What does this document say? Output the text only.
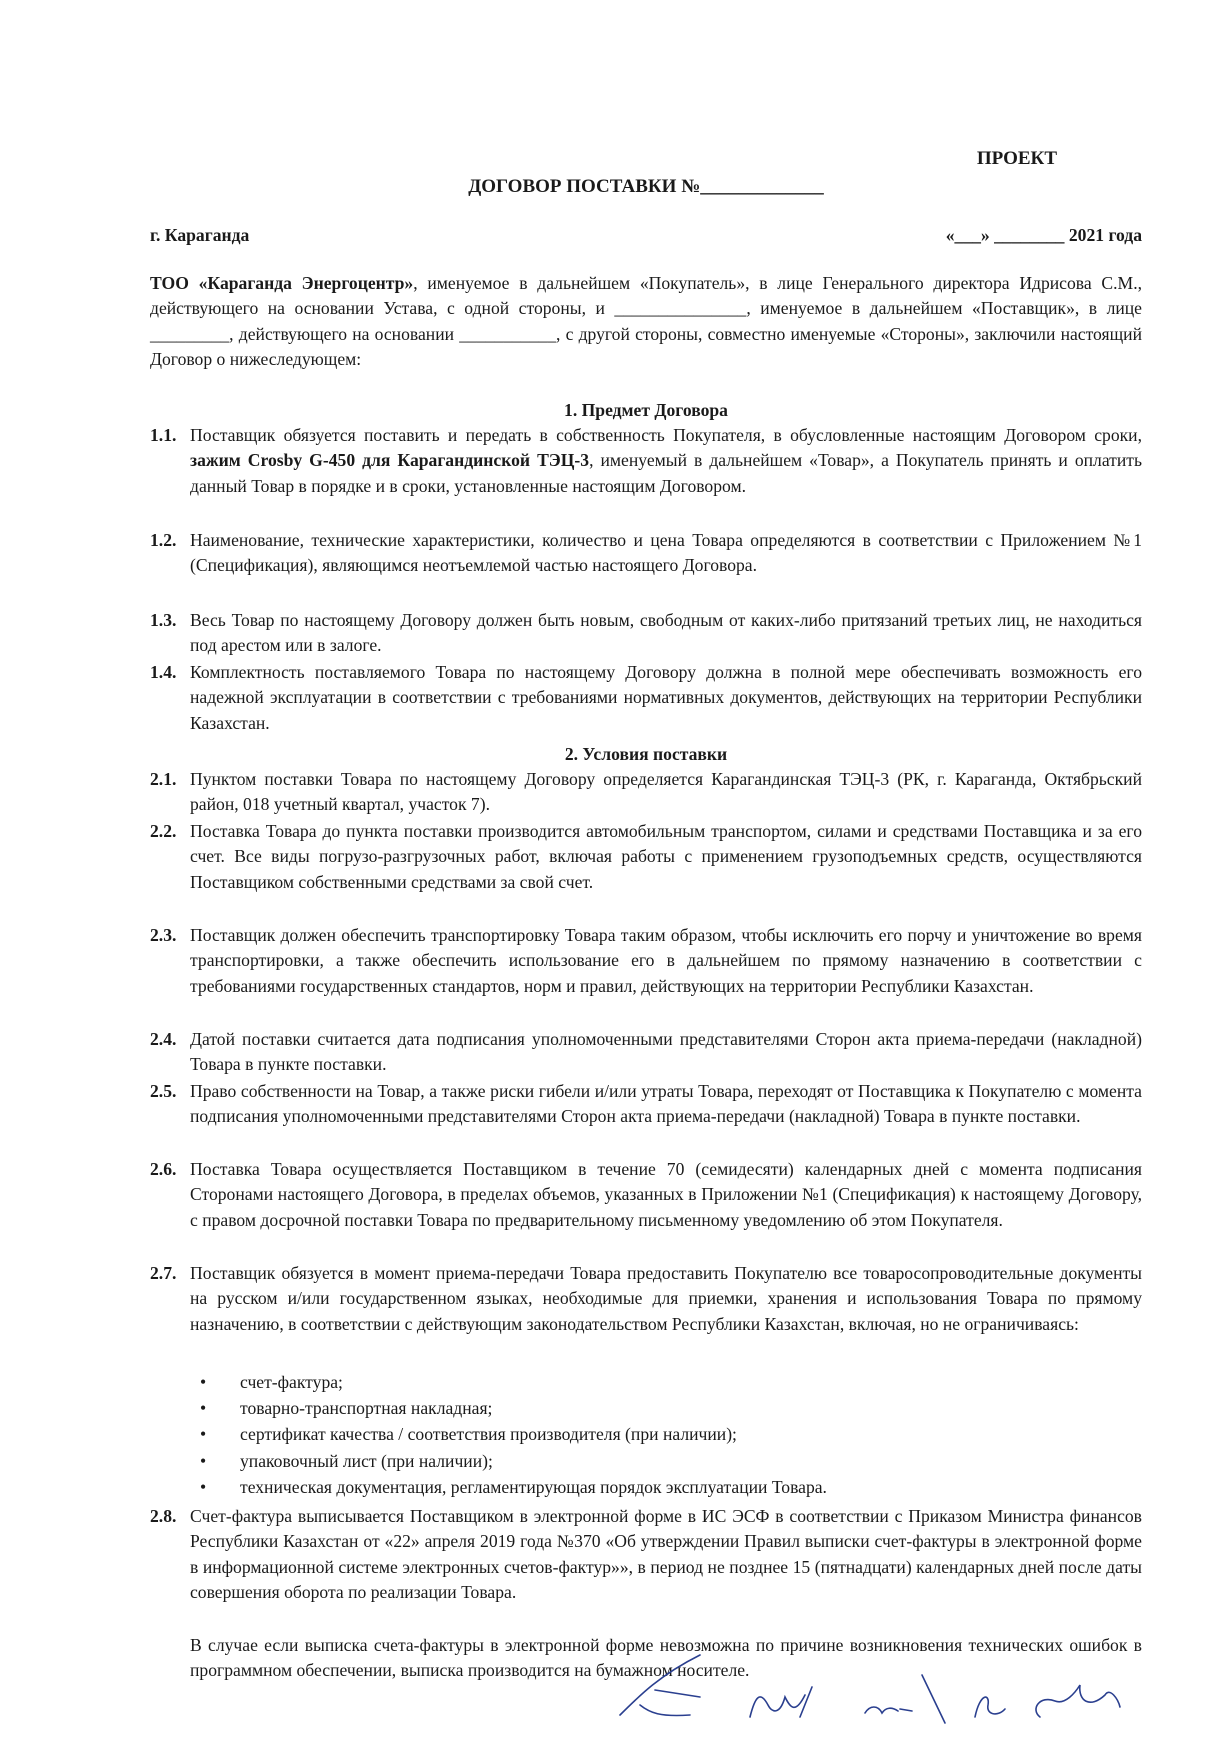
ПРОЕКТ
ДОГОВОР ПОСТАВКИ №_____________
г. Караганда	«___» ________ 2021 года
ТОО «Караганда Энергоцентр», именуемое в дальнейшем «Покупатель», в лице Генерального директора Идрисова С.М., действующего на основании Устава, с одной стороны, и _______________, именуемое в дальнейшем «Поставщик», в лице _________, действующего на основании ___________, с другой стороны, совместно именуемые «Стороны», заключили настоящий Договор о нижеследующем:
1. Предмет Договора
1.1. Поставщик обязуется поставить и передать в собственность Покупателя, в обусловленные настоящим Договором сроки, зажим Crosby G-450 для Карагандинской ТЭЦ-3, именуемый в дальнейшем «Товар», а Покупатель принять и оплатить данный Товар в порядке и в сроки, установленные настоящим Договором.
1.2. Наименование, технические характеристики, количество и цена Товара определяются в соответствии с Приложением №1 (Спецификация), являющимся неотъемлемой частью настоящего Договора.
1.3. Весь Товар по настоящему Договору должен быть новым, свободным от каких-либо притязаний третьих лиц, не находиться под арестом или в залоге.
1.4. Комплектность поставляемого Товара по настоящему Договору должна в полной мере обеспечивать возможность его надежной эксплуатации в соответствии с требованиями нормативных документов, действующих на территории Республики Казахстан.
2. Условия поставки
2.1. Пунктом поставки Товара по настоящему Договору определяется Карагандинская ТЭЦ-3 (РК, г. Караганда, Октябрьский район, 018 учетный квартал, участок 7).
2.2. Поставка Товара до пункта поставки производится автомобильным транспортом, силами и средствами Поставщика и за его счет. Все виды погрузо-разгрузочных работ, включая работы с применением грузоподъемных средств, осуществляются Поставщиком собственными средствами за свой счет.
2.3. Поставщик должен обеспечить транспортировку Товара таким образом, чтобы исключить его порчу и уничтожение во время транспортировки, а также обеспечить использование его в дальнейшем по прямому назначению в соответствии с требованиями государственных стандартов, норм и правил, действующих на территории Республики Казахстан.
2.4. Датой поставки считается дата подписания уполномоченными представителями Сторон акта приема-передачи (накладной) Товара в пункте поставки.
2.5. Право собственности на Товар, а также риски гибели и/или утраты Товара, переходят от Поставщика к Покупателю с момента подписания уполномоченными представителями Сторон акта приема-передачи (накладной) Товара в пункте поставки.
2.6. Поставка Товара осуществляется Поставщиком в течение 70 (семидесяти) календарных дней с момента подписания Сторонами настоящего Договора, в пределах объемов, указанных в Приложении №1 (Спецификация) к настоящему Договору, с правом досрочной поставки Товара по предварительному письменному уведомлению об этом Покупателя.
2.7. Поставщик обязуется в момент приема-передачи Товара предоставить Покупателю все товаросопроводительные документы на русском и/или государственном языках, необходимые для приемки, хранения и использования Товара по прямому назначению, в соответствии с действующим законодательством Республики Казахстан, включая, но не ограничиваясь:
•	счет-фактура;
•	товарно-транспортная накладная;
•	сертификат качества / соответствия производителя (при наличии);
•	упаковочный лист (при наличии);
•	техническая документация, регламентирующая порядок эксплуатации Товара.
2.8. Счет-фактура выписывается Поставщиком в электронной форме в ИС ЭСФ в соответствии с Приказом Министра финансов Республики Казахстан от «22» апреля 2019 года №370 «Об утверждении Правил выписки счет-фактуры в электронной форме в информационной системе электронных счетов-фактур»», в период не позднее 15 (пятнадцати) календарных дней после даты совершения оборота по реализации Товара.
В случае если выписка счета-фактуры в электронной форме невозможна по причине возникновения технических ошибок в программном обеспечении, выписка производится на бумажном носителе.
